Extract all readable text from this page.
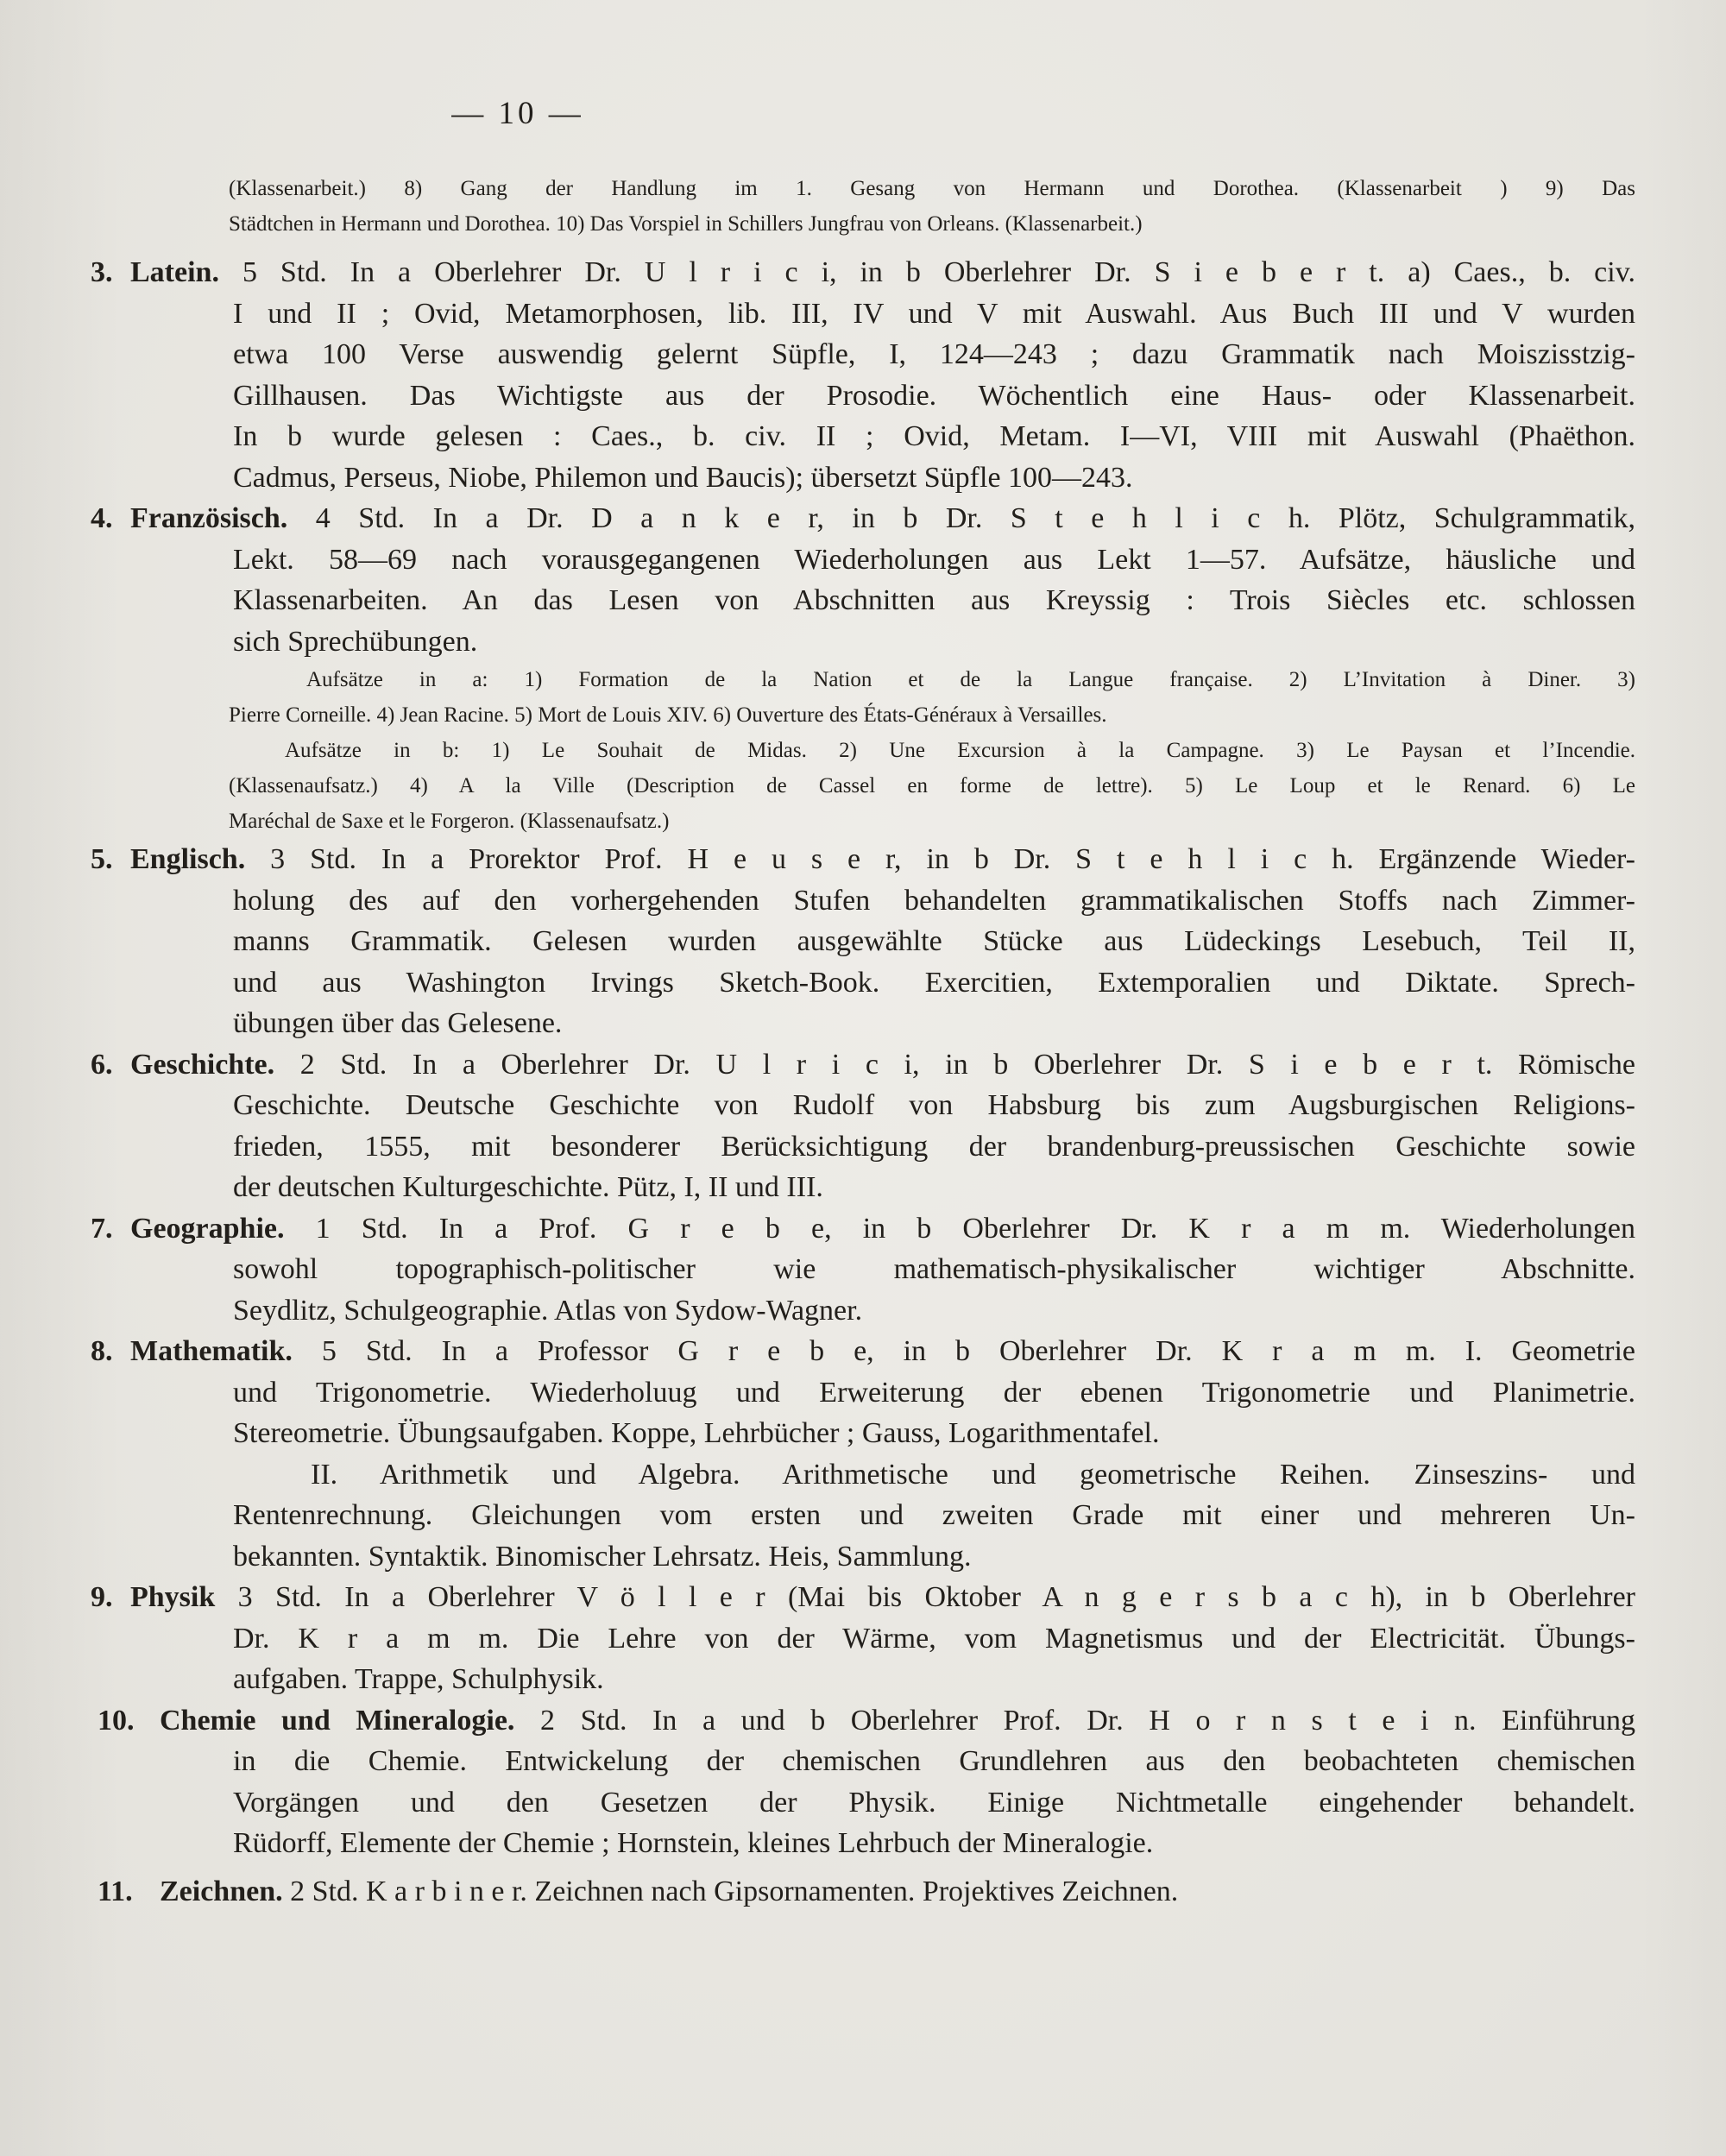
— 10 —
(Klassenarbeit.) 8) Gang der Handlung im 1. Gesang von Hermann und Dorothea. (Klassenarbeit ) 9) Das
Städtchen in Hermann und Dorothea. 10) Das Vorspiel in Schillers Jungfrau von Orleans. (Klassenarbeit.)
3. Latein. 5 Std. In a Oberlehrer Dr. U l r i c i, in b Oberlehrer Dr. S i e b e r t. a) Caes., b. civ.
I und II ; Ovid, Metamorphosen, lib. III, IV und V mit Auswahl. Aus Buch III und V wurden
etwa 100 Verse auswendig gelernt Süpfle, I, 124—243 ; dazu Grammatik nach Moiszisstzig-
Gillhausen. Das Wichtigste aus der Prosodie. Wöchentlich eine Haus- oder Klassenarbeit.
In b wurde gelesen : Caes., b. civ. II ; Ovid, Metam. I—VI, VIII mit Auswahl (Phaëthon.
Cadmus, Perseus, Niobe, Philemon und Baucis); übersetzt Süpfle 100—243.
4. Französisch. 4 Std. In a Dr. D a n k e r, in b Dr. S t e h l i c h. Plötz, Schulgrammatik,
Lekt. 58—69 nach vorausgegangenen Wiederholungen aus Lekt 1—57. Aufsätze, häusliche und
Klassenarbeiten. An das Lesen von Abschnitten aus Kreyssig : Trois Siècles etc. schlossen
sich Sprechübungen.
Aufsätze in a: 1) Formation de la Nation et de la Langue française. 2) L’Invitation à Diner. 3)
Pierre Corneille. 4) Jean Racine. 5) Mort de Louis XIV. 6) Ouverture des États-Généraux à Versailles.
Aufsätze in b: 1) Le Souhait de Midas. 2) Une Excursion à la Campagne. 3) Le Paysan et l’Incendie.
(Klassenaufsatz.) 4) A la Ville (Description de Cassel en forme de lettre). 5) Le Loup et le Renard. 6) Le
Maréchal de Saxe et le Forgeron. (Klassenaufsatz.)
5. Englisch. 3 Std. In a Prorektor Prof. H e u s e r, in b Dr. S t e h l i c h. Ergänzende Wieder-
holung des auf den vorhergehenden Stufen behandelten grammatikalischen Stoffs nach Zimmer-
manns Grammatik. Gelesen wurden ausgewählte Stücke aus Lüdeckings Lesebuch, Teil II,
und aus Washington Irvings Sketch-Book. Exercitien, Extemporalien und Diktate. Sprech-
übungen über das Gelesene.
6. Geschichte. 2 Std. In a Oberlehrer Dr. U l r i c i, in b Oberlehrer Dr. S i e b e r t. Römische
Geschichte. Deutsche Geschichte von Rudolf von Habsburg bis zum Augsburgischen Religions-
frieden, 1555, mit besonderer Berücksichtigung der brandenburg-preussischen Geschichte sowie
der deutschen Kulturgeschichte. Pütz, I, II und III.
7. Geographie. 1 Std. In a Prof. G r e b e, in b Oberlehrer Dr. K r a m m. Wiederholungen
sowohl topographisch-politischer wie mathematisch-physikalischer wichtiger Abschnitte.
Seydlitz, Schulgeographie. Atlas von Sydow-Wagner.
8. Mathematik. 5 Std. In a Professor G r e b e, in b Oberlehrer Dr. K r a m m. I. Geometrie
und Trigonometrie. Wiederholuug und Erweiterung der ebenen Trigonometrie und Planimetrie.
Stereometrie. Übungsaufgaben. Koppe, Lehrbücher ; Gauss, Logarithmentafel.
II. Arithmetik und Algebra. Arithmetische und geometrische Reihen. Zinseszins- und
Rentenrechnung. Gleichungen vom ersten und zweiten Grade mit einer und mehreren Un-
bekannten. Syntaktik. Binomischer Lehrsatz. Heis, Sammlung.
9. Physik 3 Std. In a Oberlehrer V ö l l e r (Mai bis Oktober A n g e r s b a c h), in b Oberlehrer
Dr. K r a m m. Die Lehre von der Wärme, vom Magnetismus und der Electricität. Übungs-
aufgaben. Trappe, Schulphysik.
10. Chemie und Mineralogie. 2 Std. In a und b Oberlehrer Prof. Dr. H o r n s t e i n. Einführung
in die Chemie. Entwickelung der chemischen Grundlehren aus den beobachteten chemischen
Vorgängen und den Gesetzen der Physik. Einige Nichtmetalle eingehender behandelt.
Rüdorff, Elemente der Chemie ; Hornstein, kleines Lehrbuch der Mineralogie.
11. Zeichnen. 2 Std. K a r b i n e r. Zeichnen nach Gipsornamenten. Projektives Zeichnen.
